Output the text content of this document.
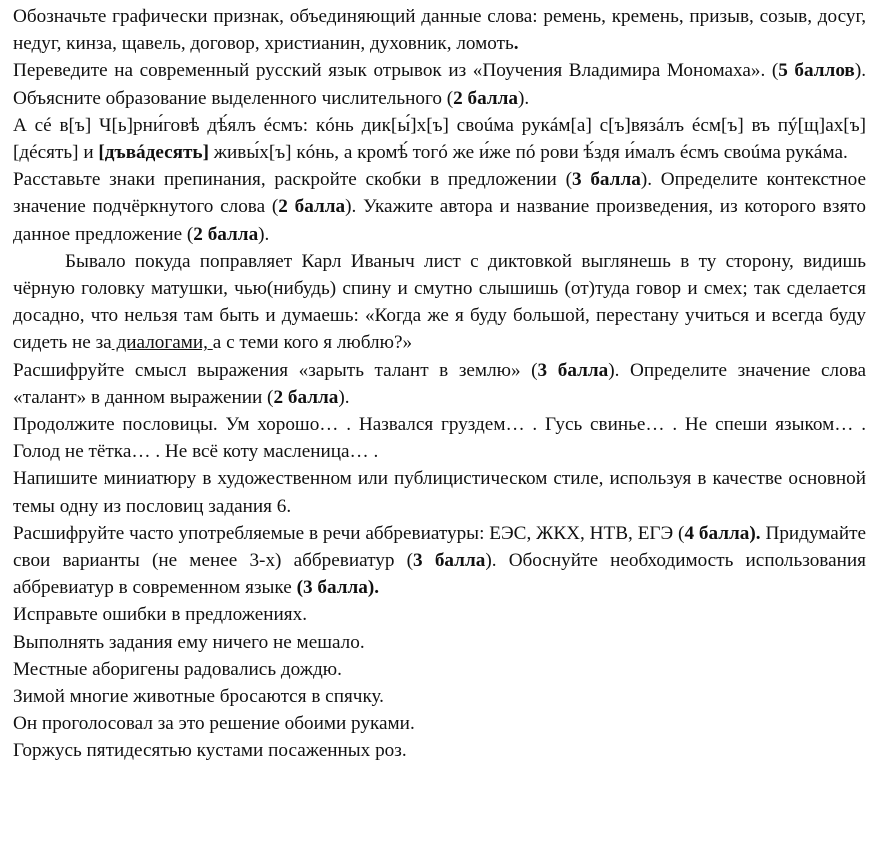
Обозначьте графически признак, объединяющий данные слова: ремень, кремень, призыв, созыв, досуг, недуг, кинза, щавель, договор, христианин, духовник, ломоть.

Переведите на современный русский язык отрывок из «Поучения Владимира Мономаха». (5 баллов). Объясните образование выделенного числительного (2 балла).

А сé в[ъ] Ч[ь]рни́говѣ дѣ́ялъ éсмъ: кóнь дик[ы́]х[ъ] своúма рукáм[а] с[ъ]вязáлъ éсм[ъ] въ пý[щ]ах[ъ] [дéсять] и [дъвáдесять] живы́х[ъ] кóнь, а кромѣ́ тогó же и́же пó рови ѣ́здя и́малъ éсмъ своúма рукáма.

Расставьте знаки препинания, раскройте скобки в предложении (3 балла). Определите контекстное значение подчёркнутого слова (2 балла). Укажите автора и название произведения, из которого взято данное предложение (2 балла).

Бывало покуда поправляет Карл Иваныч лист с диктовкой выглянешь в ту сторону, видишь чёрную головку матушки, чью(нибудь) спину и смутно слышишь (от)туда говор и смех; так сделается досадно, что нельзя там быть и думаешь: «Когда же я буду большой, перестану учиться и всегда буду сидеть не за диалогами, а с теми кого я люблю?»

Расшифруйте смысл выражения «зарыть талант в землю» (3 балла). Определите значение слова «талант» в данном выражении (2 балла).

Продолжите пословицы. Ум хорошо… . Назвался груздем… . Гусь свинье… . Не спеши языком… . Голод не тётка… . Не всё коту масленица… .

Напишите миниатюру в художественном или публицистическом стиле, используя в качестве основной темы одну из пословиц задания 6.

Расшифруйте часто употребляемые в речи аббревиатуры: ЕЭС, ЖКХ, НТВ, ЕГЭ (4 балла). Придумайте свои варианты (не менее 3-х) аббревиатур (3 балла). Обоснуйте необходимость использования аббревиатур в современном языке (3 балла).

Исправьте ошибки в предложениях.

Выполнять задания ему ничего не мешало.

Местные аборигены радовались дождю.

Зимой многие животные бросаются в спячку.

Он проголосовал за это решение обоими руками.

Горжусь пятидесятью кустами посаженных роз.
